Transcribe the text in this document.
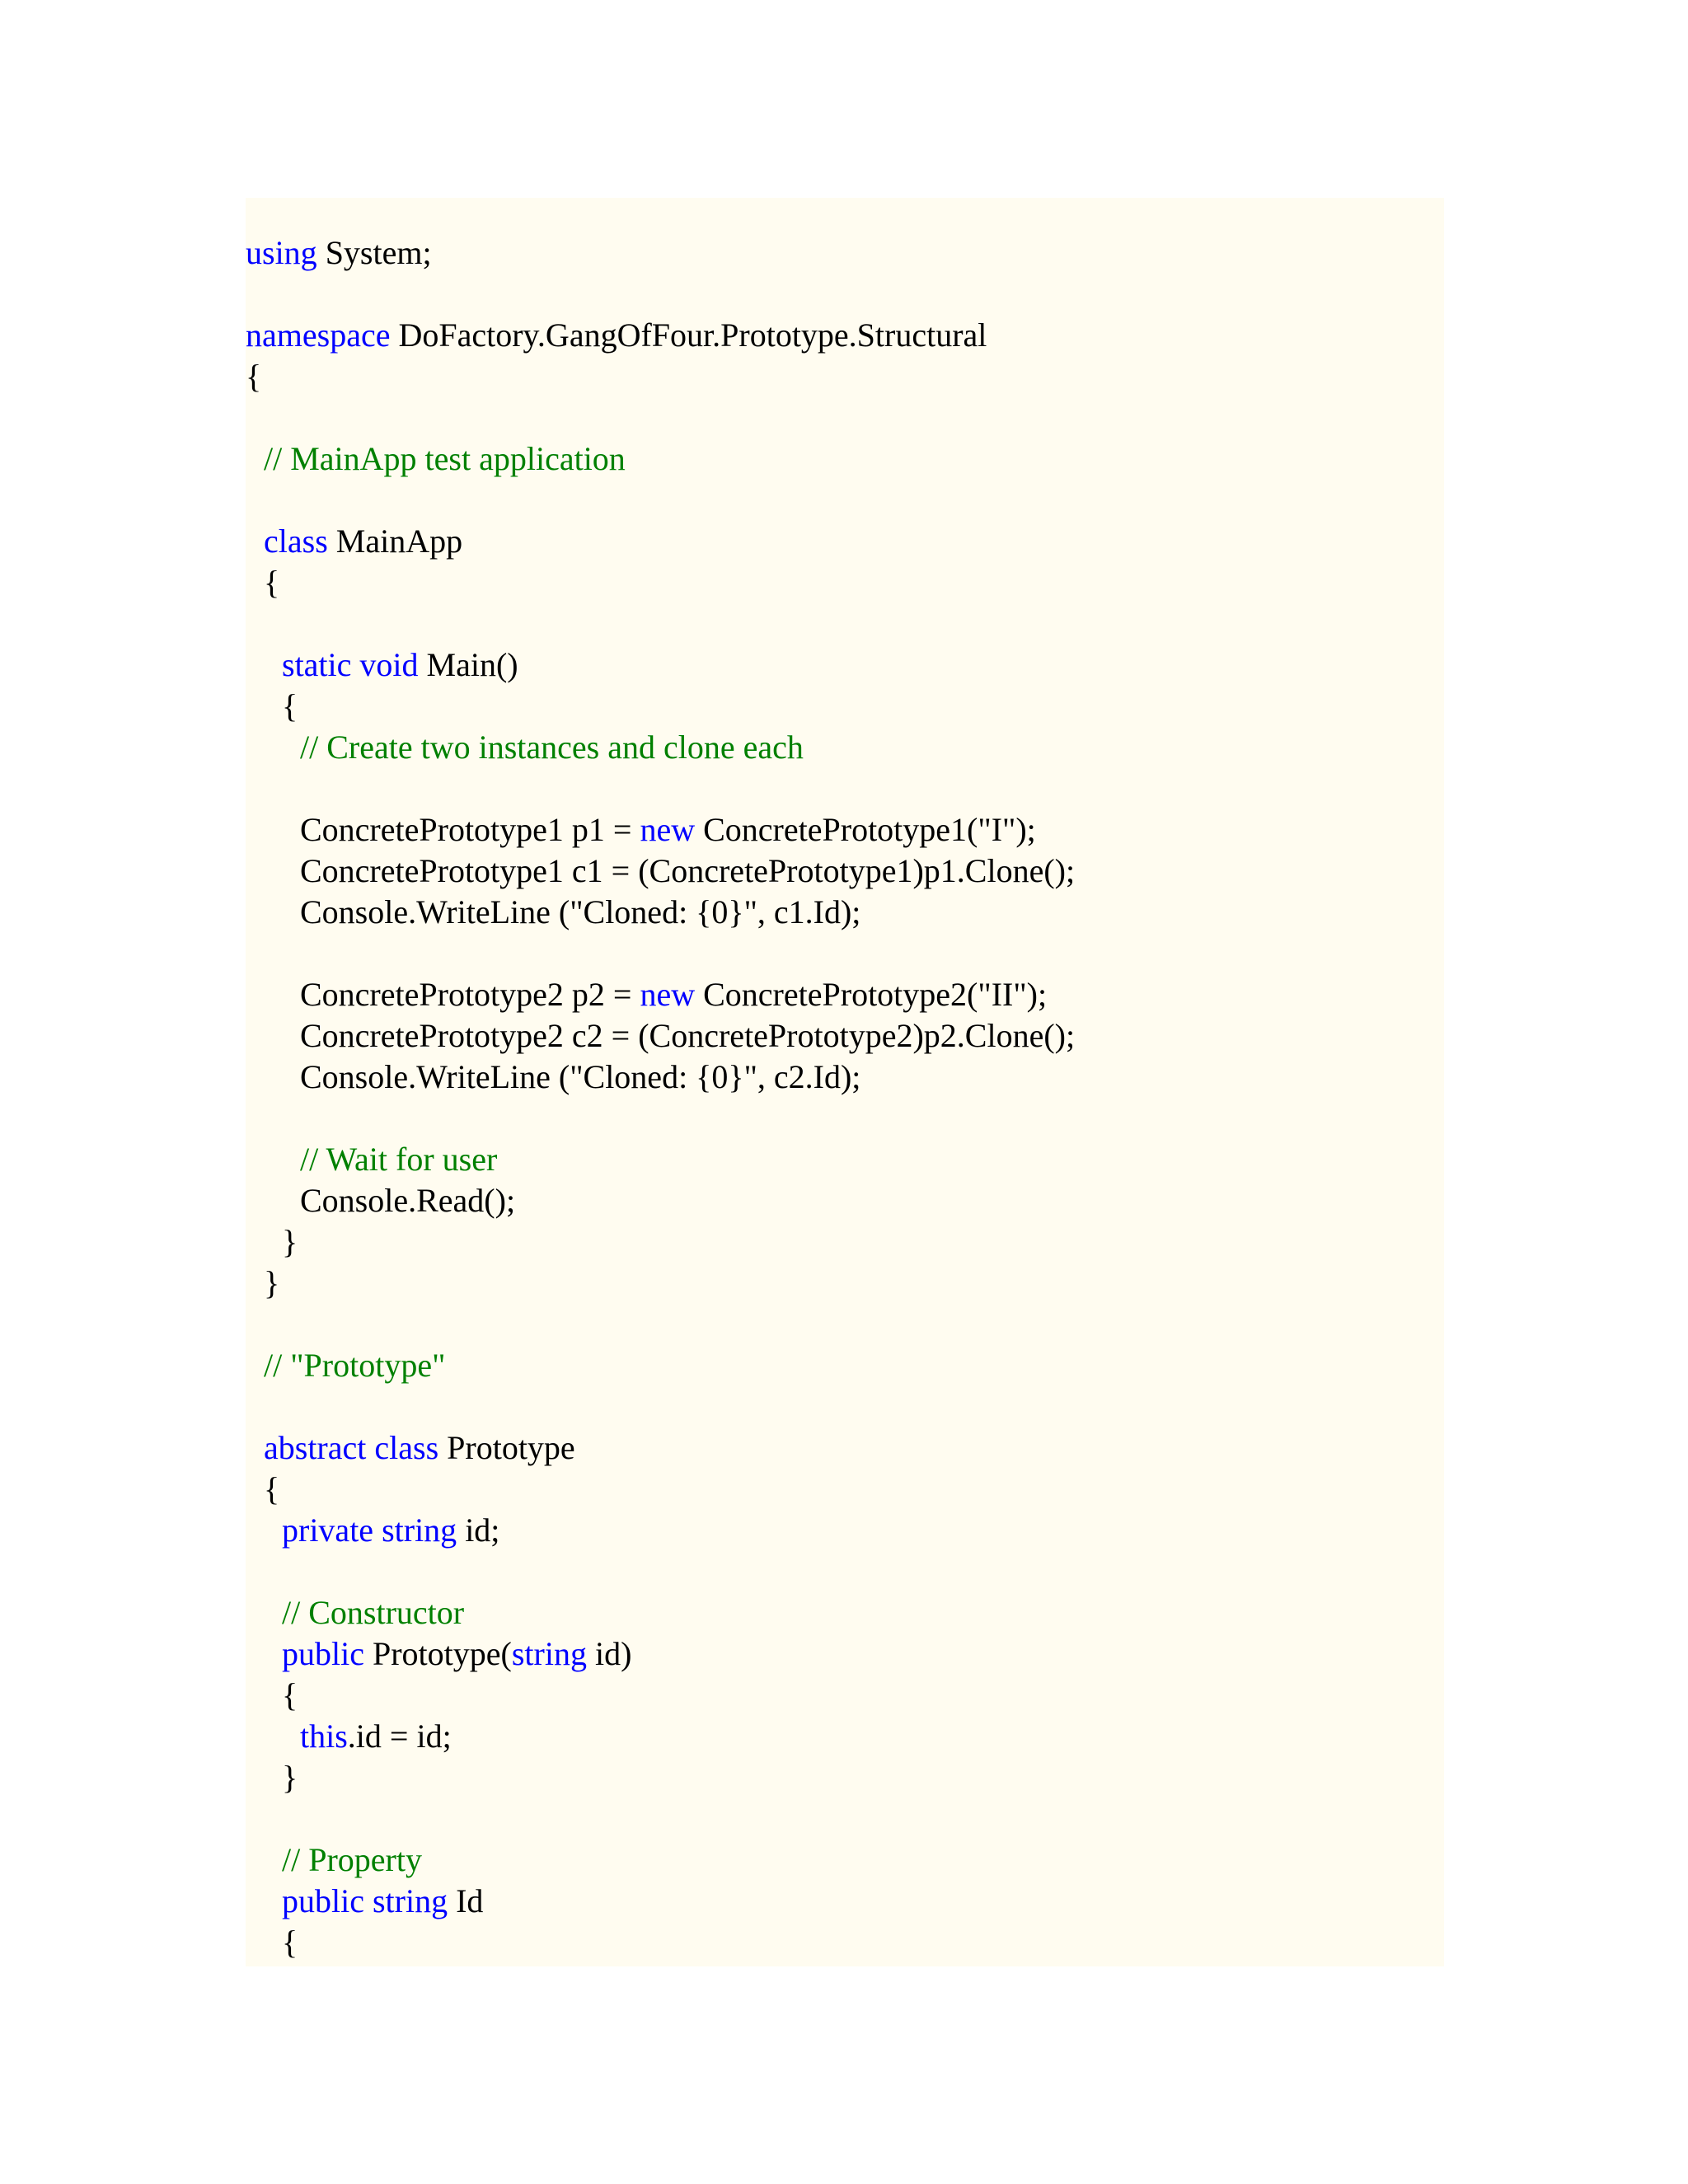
using System;
namespace DoFactory.GangOfFour.Prototype.Structural
{
// MainApp test application
class MainApp
{
static void Main()
{
// Create two instances and clone each
ConcretePrototype1 p1 = new ConcretePrototype1("I");
ConcretePrototype1 c1 = (ConcretePrototype1)p1.Clone();
Console.WriteLine ("Cloned: {0}", c1.Id);
ConcretePrototype2 p2 = new ConcretePrototype2("II");
ConcretePrototype2 c2 = (ConcretePrototype2)p2.Clone();
Console.WriteLine ("Cloned: {0}", c2.Id);
// Wait for user
Console.Read();
}
}
// "Prototype"
abstract class Prototype
{
private string id;
// Constructor
public Prototype(string id)
{
this.id = id;
}
// Property
public string Id
{
